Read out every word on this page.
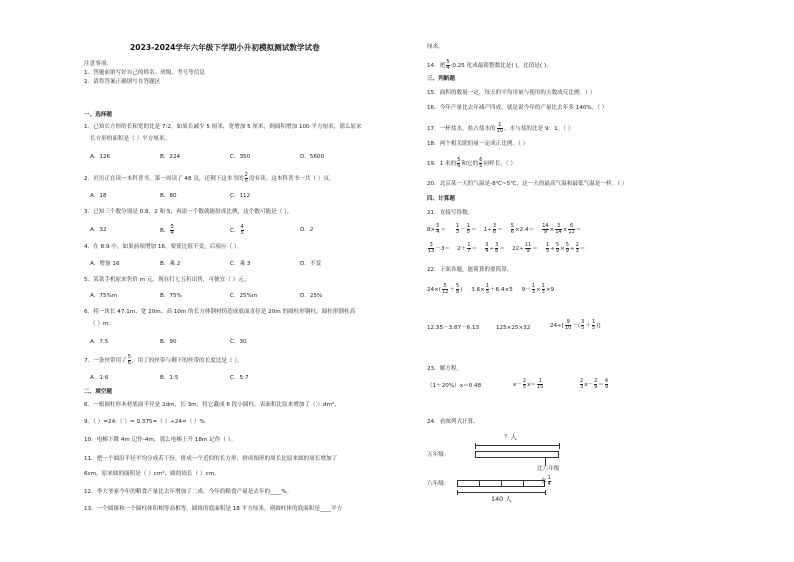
2023-2024学年六年级下学期小升初模拟测试数学试卷
注意事项：
1．答题前填写好自己的姓名、班级、考号等信息
2．请将答案正确填写在答题区
一、选择题
1．已知长方形的长和宽的比是 7:2，如果长减少 5 厘米，宽增加 5 厘米，则面积增加 100 平方厘米，那么原来
长方形的面积是（ ）平方厘米。
A．126	B．224	C．350	D．5600
2．贝贝正在读一本科普书，第一周读了 48 页，还剩下这本书的 $\frac{2}{5}$ 没有读。这本科普书一共（ ）页。
A．18	B．80	C．112
3．已知三个数分别是 0.8，2 和 5，再添一个数就能组成比例，这个数可能是（ ）。
A．32	B． $\frac{5}{4}$	C． $\frac{4}{5}$	D．2
4．在 8:9 中，如果前项增加 16，要使比值不变，后项应（ ）。
A．增加 16	B．乘 2	C．乘 3	D．不变
5．某款手机原来售价 m 元，现在打七五折出售，可便宜（ ）元。
A．75%m	B．75%	C．25%m	D．25%
6．将一块长 47.1m、宽 20m、高 10m 的长方体钢材铸造成底面直径是 20m 的圆柱形钢柱，圆柱形钢柱高
（ ）m。
A．7.5	B．90	C．30
7．一条丝带用了 $\frac{5}{6}$ ，用了的丝带与剩下的丝带的长度比是（ ）。
A．1:6	B．1:5	C．5:7
二、填空题
8．一根圆柱形木材底面半径是 2dm，长 3m，将它截成 6 段小圆柱，表面积比原来增加了（ ）dm²。
9．（ ）=24:（ ）= 0.375=（ ）÷24=（ ）%
10．电梯下降 4m 记作-4m，那么电梯上升 18m 记作（ ）。
11．把一个圆沿半径平均分成若干份，拼成一个近似的长方形，拼成图形的周长比原来圆的周长增加了
6cm，原来圆的面积是（ ）cm²，圆的周长（ ）cm。
12．李大爷家今年的粮食产量比去年增加了二成，今年的粮食产量是去年的____%。
13．一个圆锥和一个圆柱体积相等高相等，圆锥的底面积是 18 平方厘米，则圆柱体的底面积是____平方
厘米。
14．把 $\frac{5}{4}$ :0.25 化成最简整数比是( )，比值是( )。
三、判断题
15．面积的数量一定，每天的平均用量与使用的天数成反比例。（ ）
16．今年产量比去年减产四成，就是说今年的产量比去年多 140%。（ ）
17．一杯盐水，盐占盐水的 $\frac{1}{10}$ ，水与盐的比是 9：1。（ ）
18．两个相关联的量一定成正比例。（ ）
19．1 米的 $\frac{5}{6}$ 和它的 $\frac{6}{5}$ 同样长。（ ）
20．北京某一天的气温是-8℃~5℃，这一天的最高气温和最低气温是一样。（ ）
四、计算题
21．直接写得数。
$8\times \frac{5}{4} = \frac{1}{3} - \frac{1}{5}$ ＝    $1\div \frac{3}{8} = \frac{5}{6} \times 2.4= \frac{14}{9} \times \frac{3}{14} \times \frac{6}{11}$ ＝
$\frac{3}{13} -3=$    $2+ \frac{1}{7} = \frac{3}{4} \div \frac{3}{8}$ ＝    $22\div \frac{11}{9} = \frac{1}{5} \div \frac{5}{9} \times \frac{5}{9} \div \frac{2}{3}$ ＝
22．下面各题，能简算的要简算。
$24\times( \frac{5}{12} + \frac{5}{8}$ )     $3.6\times \frac{1}{5} +6.4\times 5$     $9- \frac{1}{3} \times \frac{1}{3} \times 9$
12.35－3.87－6.13	125×25×32	$24\div[ \frac{9}{10}$ －( $\frac{3}{5} + \frac{1}{5}$ )]
23．解方程。
（1＋20%）x＝0.48	$x- \frac{2}{5} x= \frac{1}{15}$	$\frac{2}{3} x- \frac{2}{9} = \frac{4}{9}$
24．看图列式计算。
？人
五年级：
比六年级
六年级：	多 $\frac{1}{4}$
140 人
